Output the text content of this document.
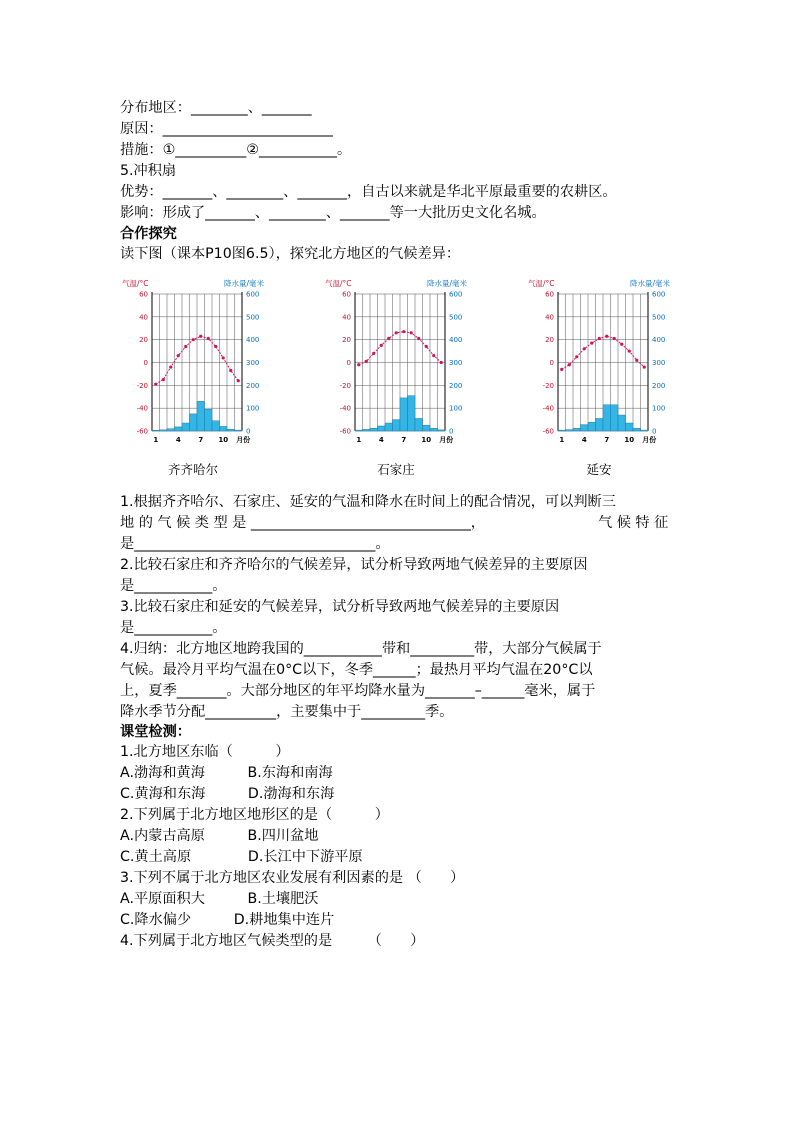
分布地区：________、_______
原因：________________________
措施：①__________②___________。
5.冲积扇
优势：_______、________、_______，自古以来就是华北平原最重要的农耕区。
影响：形成了_______、________、_______等一大批历史文化名城。
合作探究
读下图（课本P10图6.5），探究北方地区的气候差异：
气温/°C	降水量/毫米
60	600
40	500
20	400
0	300
-20	200
-40	100
-60	0
1	4	7 10 月份
齐齐哈尔
气温/°C	降水量/毫米
60	600
40	500
20	400
0	300
-20	200
-40	100
-60	0
1	4	7 10 月份
石家庄
气温/°C	降水量/毫米
60	600
40	500
20	400
0	300
-20	200
-40	100
-60	0
1	4	7 10 月份
延安
1.根据齐齐哈尔、石家庄、延安的气温和降水在时间上的配合情况，可以判断三
地 的 气 候 类 型 是 _______________________________，	气 候 特 征
是__________________________________。
2.比较石家庄和齐齐哈尔的气候差异，试分析导致两地气候差异的主要原因
是___________。
3.比较石家庄和延安的气候差异，试分析导致两地气候差异的主要原因
是___________。
4.归纳：北方地区地跨我国的___________带和_________带，大部分气候属于
气候。最冷月平均气温在0°C以下，冬季______；最热月平均气温在20°C以
上，夏季_______。大部分地区的年平均降水量为_______–______毫米，属于
降水季节分配__________，主要集中于_________季。
课堂检测：
1.北方地区东临（　　　）
A.渤海和黄海　　　B.东海和南海
C.黄海和东海　　　D.渤海和东海
2.下列属于北方地区地形区的是（　　　）
A.内蒙古高原　　　B.四川盆地
C.黄土高原　　　　D.长江中下游平原
3.下列不属于北方地区农业发展有利因素的是 （　　）
A.平原面积大　　　B.土壤肥沃
C.降水偏少　　　D.耕地集中连片
4.下列属于北方地区气候类型的是　　　（　　）
